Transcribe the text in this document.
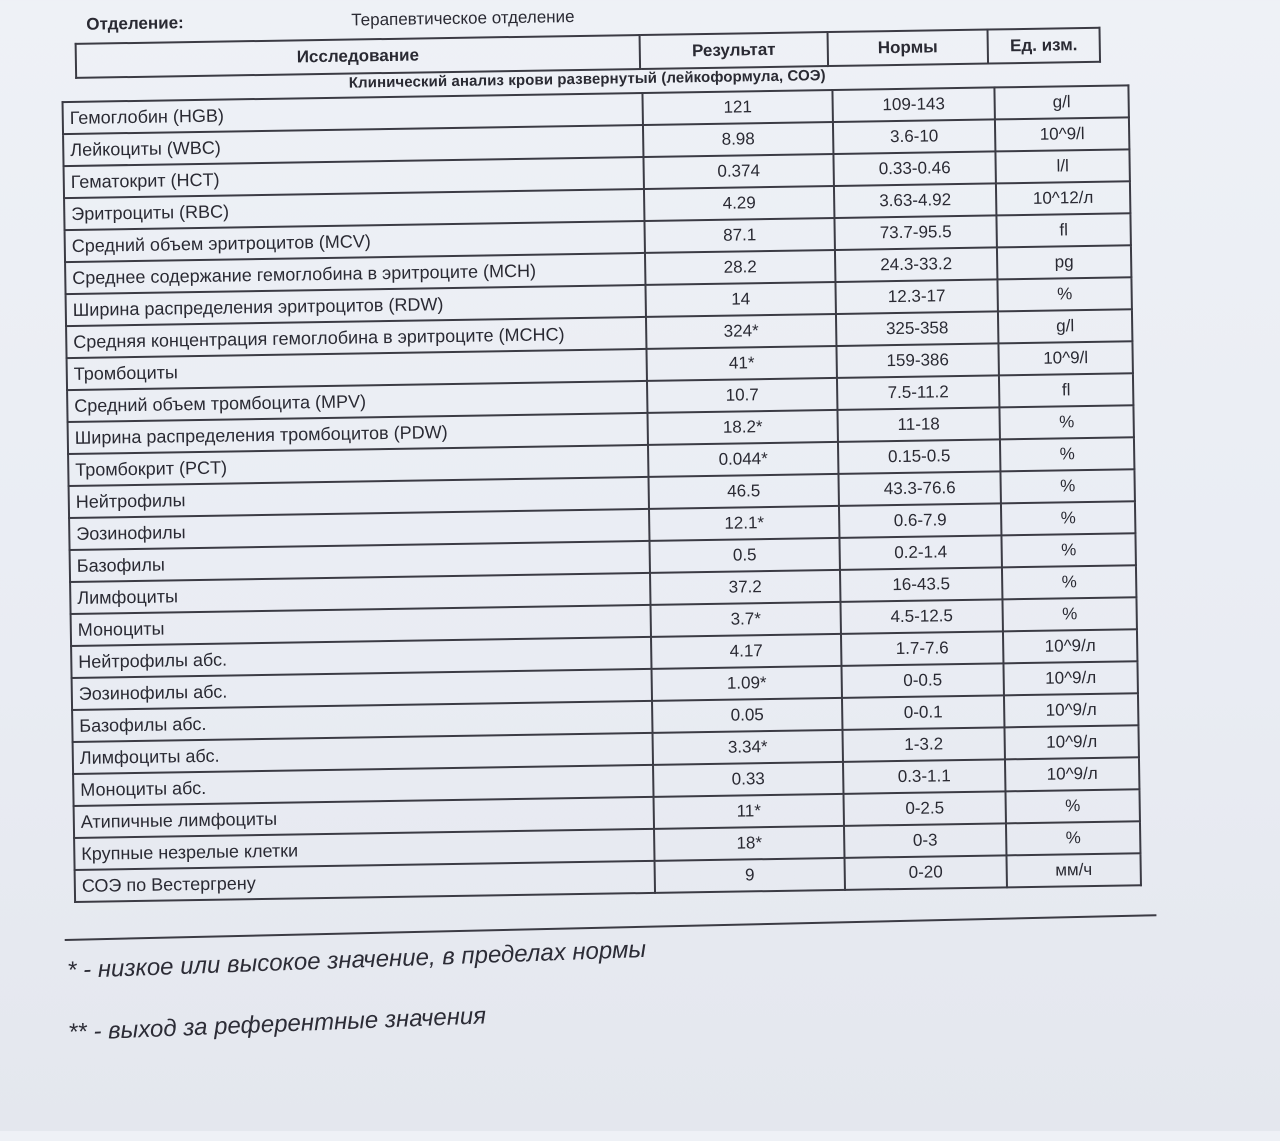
Отделение:	Терапевтическое отделение
Исследование	Результат	Нормы	Ед. изм.
Клинический анализ крови развернутый (лейкоформула, СОЭ)
Гемоглобин (HGB)	121	109-143	g/l
Лейкоциты (WBC)	8.98	3.6-10	10^9/l
Гематокрит (HCT)	0.374	0.33-0.46	l/l
Эритроциты (RBC)	4.29	3.63-4.92	10^12/л
Средний объем эритроцитов (MCV)	87.1	73.7-95.5	fl
Среднее содержание гемоглобина в эритроците (MCH)	28.2	24.3-33.2	pg
Ширина распределения эритроцитов (RDW)	14	12.3-17	%
Средняя концентрация гемоглобина в эритроците (MCHC)	324*	325-358	g/l
Тромбоциты	41*	159-386	10^9/l
Средний объем тромбоцита (MPV)	10.7	7.5-11.2	fl
Ширина распределения тромбоцитов (PDW)	18.2*	11-18	%
Тромбокрит (PCT)	0.044*	0.15-0.5	%
Нейтрофилы	46.5	43.3-76.6	%
Эозинофилы	12.1*	0.6-7.9	%
Базофилы	0.5	0.2-1.4	%
Лимфоциты	37.2	16-43.5	%
Моноциты	3.7*	4.5-12.5	%
Нейтрофилы абс.	4.17	1.7-7.6	10^9/л
Эозинофилы абс.	1.09*	0-0.5	10^9/л
Базофилы абс.	0.05	0-0.1	10^9/л
Лимфоциты абс.	3.34*	1-3.2	10^9/л
Моноциты абс.	0.33	0.3-1.1	10^9/л
Атипичные лимфоциты	11*	0-2.5	%
Крупные незрелые клетки	18*	0-3	%
СОЭ по Вестергрену	9	0-20	мм/ч
* - низкое или высокое значение, в пределах нормы
** - выход за референтные значения
